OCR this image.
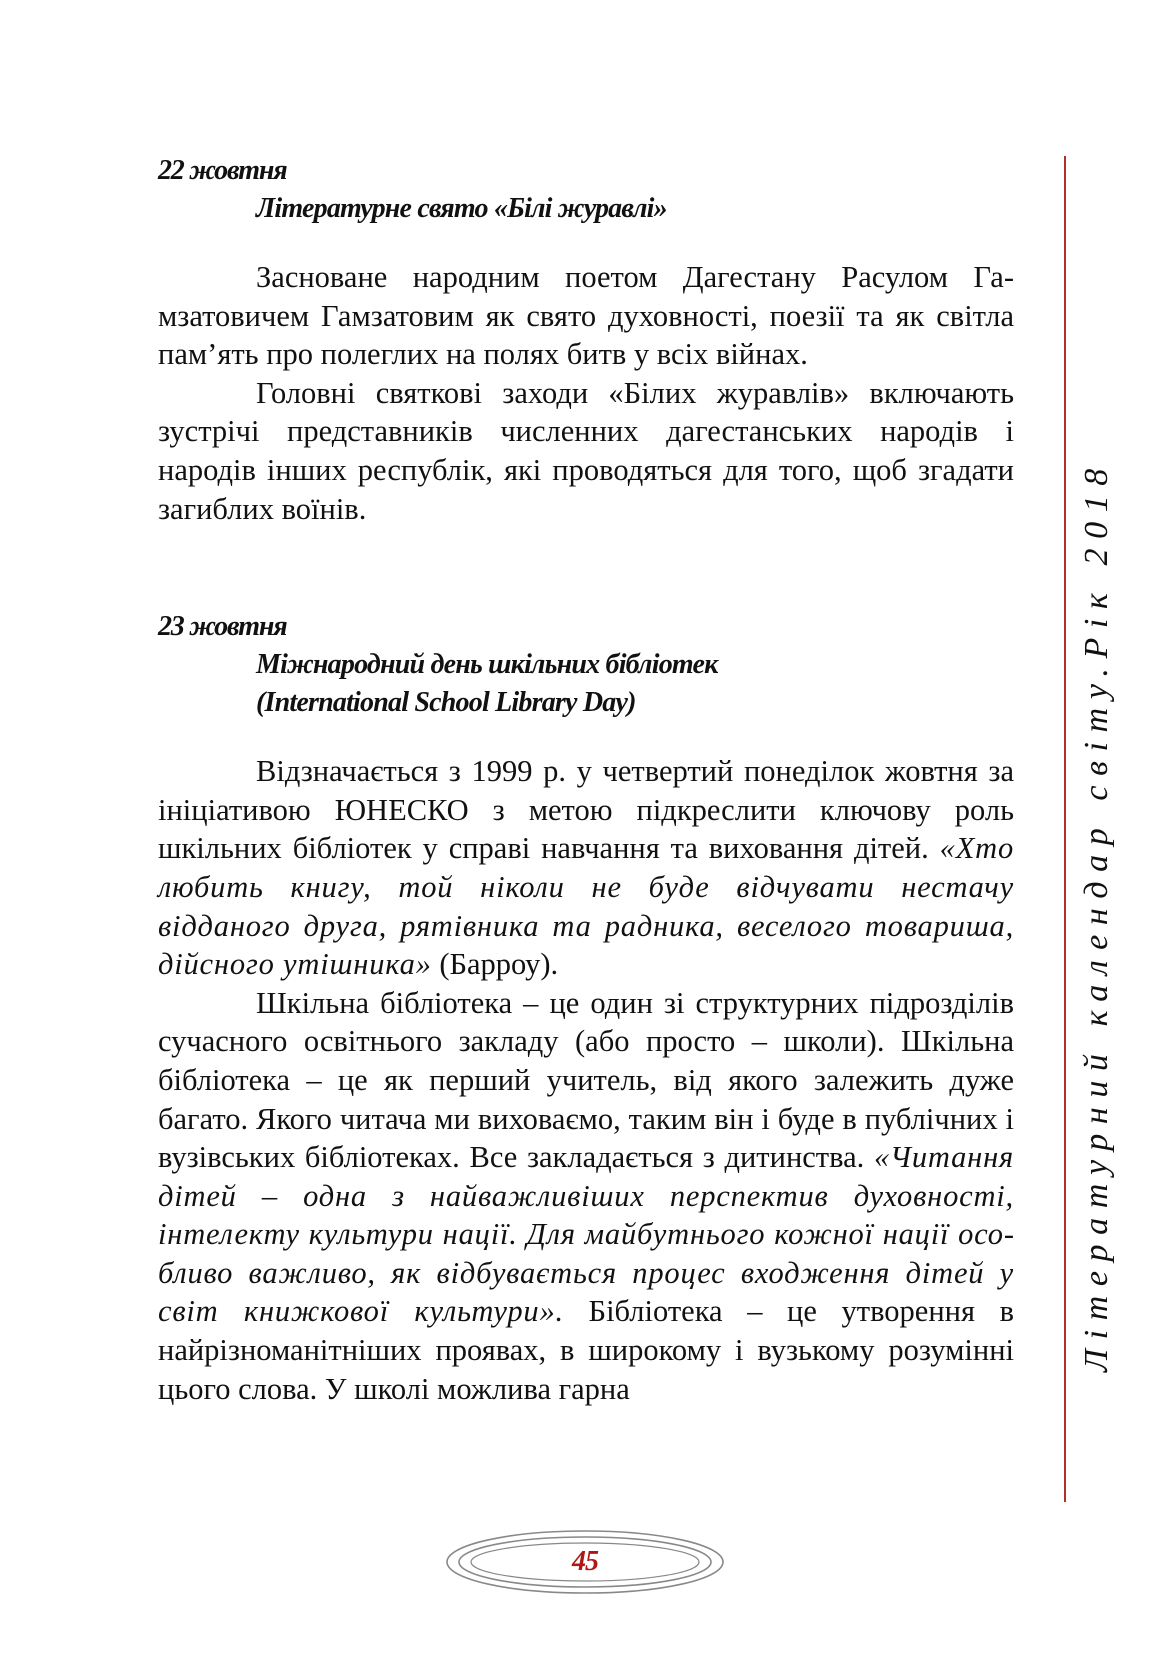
22 жовтня

Літературне свято «Білі журавлі»

Засноване народним поетом Дагестану Расулом Гамзатовичем Гамзатовим як свято духовності, поезії та як світла пам’ять про полеглих на полях битв у всіх війнах.

Головні святкові заходи «Білих журавлів» включають зустрічі представників численних дагестанських народів і народів інших республік, які проводяться для того, щоб згадати загиблих воїнів.

23 жовтня

Міжнародний день шкільних бібліотек

(International School Library Day)

Відзначається з 1999 р. у четвертий понеділок жовтня за ініціативою ЮНЕСКО з метою підкреслити ключову роль шкільних бібліотек у справі навчання та виховання дітей. «Хто любить книгу, той ніколи не буде відчувати нестачу відданого друга, рятівника та радника, веселого товариша, дійсного утішника» (Барроу).

Шкільна бібліотека – це один зі структурних підрозділів сучасного освітнього закладу (або просто – школи). Шкільна бібліотека – це як перший учитель, від якого залежить дуже багато. Якого читача ми виховаємо, таким він і буде в публічних і вузівських бібліотеках. Все закладається з дитинства. «Читання дітей – одна з найважливіших перспектив духовності, інтелекту культури нації. Для майбутнього кожної нації особливо важливо, як відбувається процес входження дітей у світ книжкової культури». Бібліотека – це утворення в найрізноманітніших проявах, в широкому і вузькому розумінні цього слова. У школі можлива гарна

Літературний календар світу.Рік 2018
45
